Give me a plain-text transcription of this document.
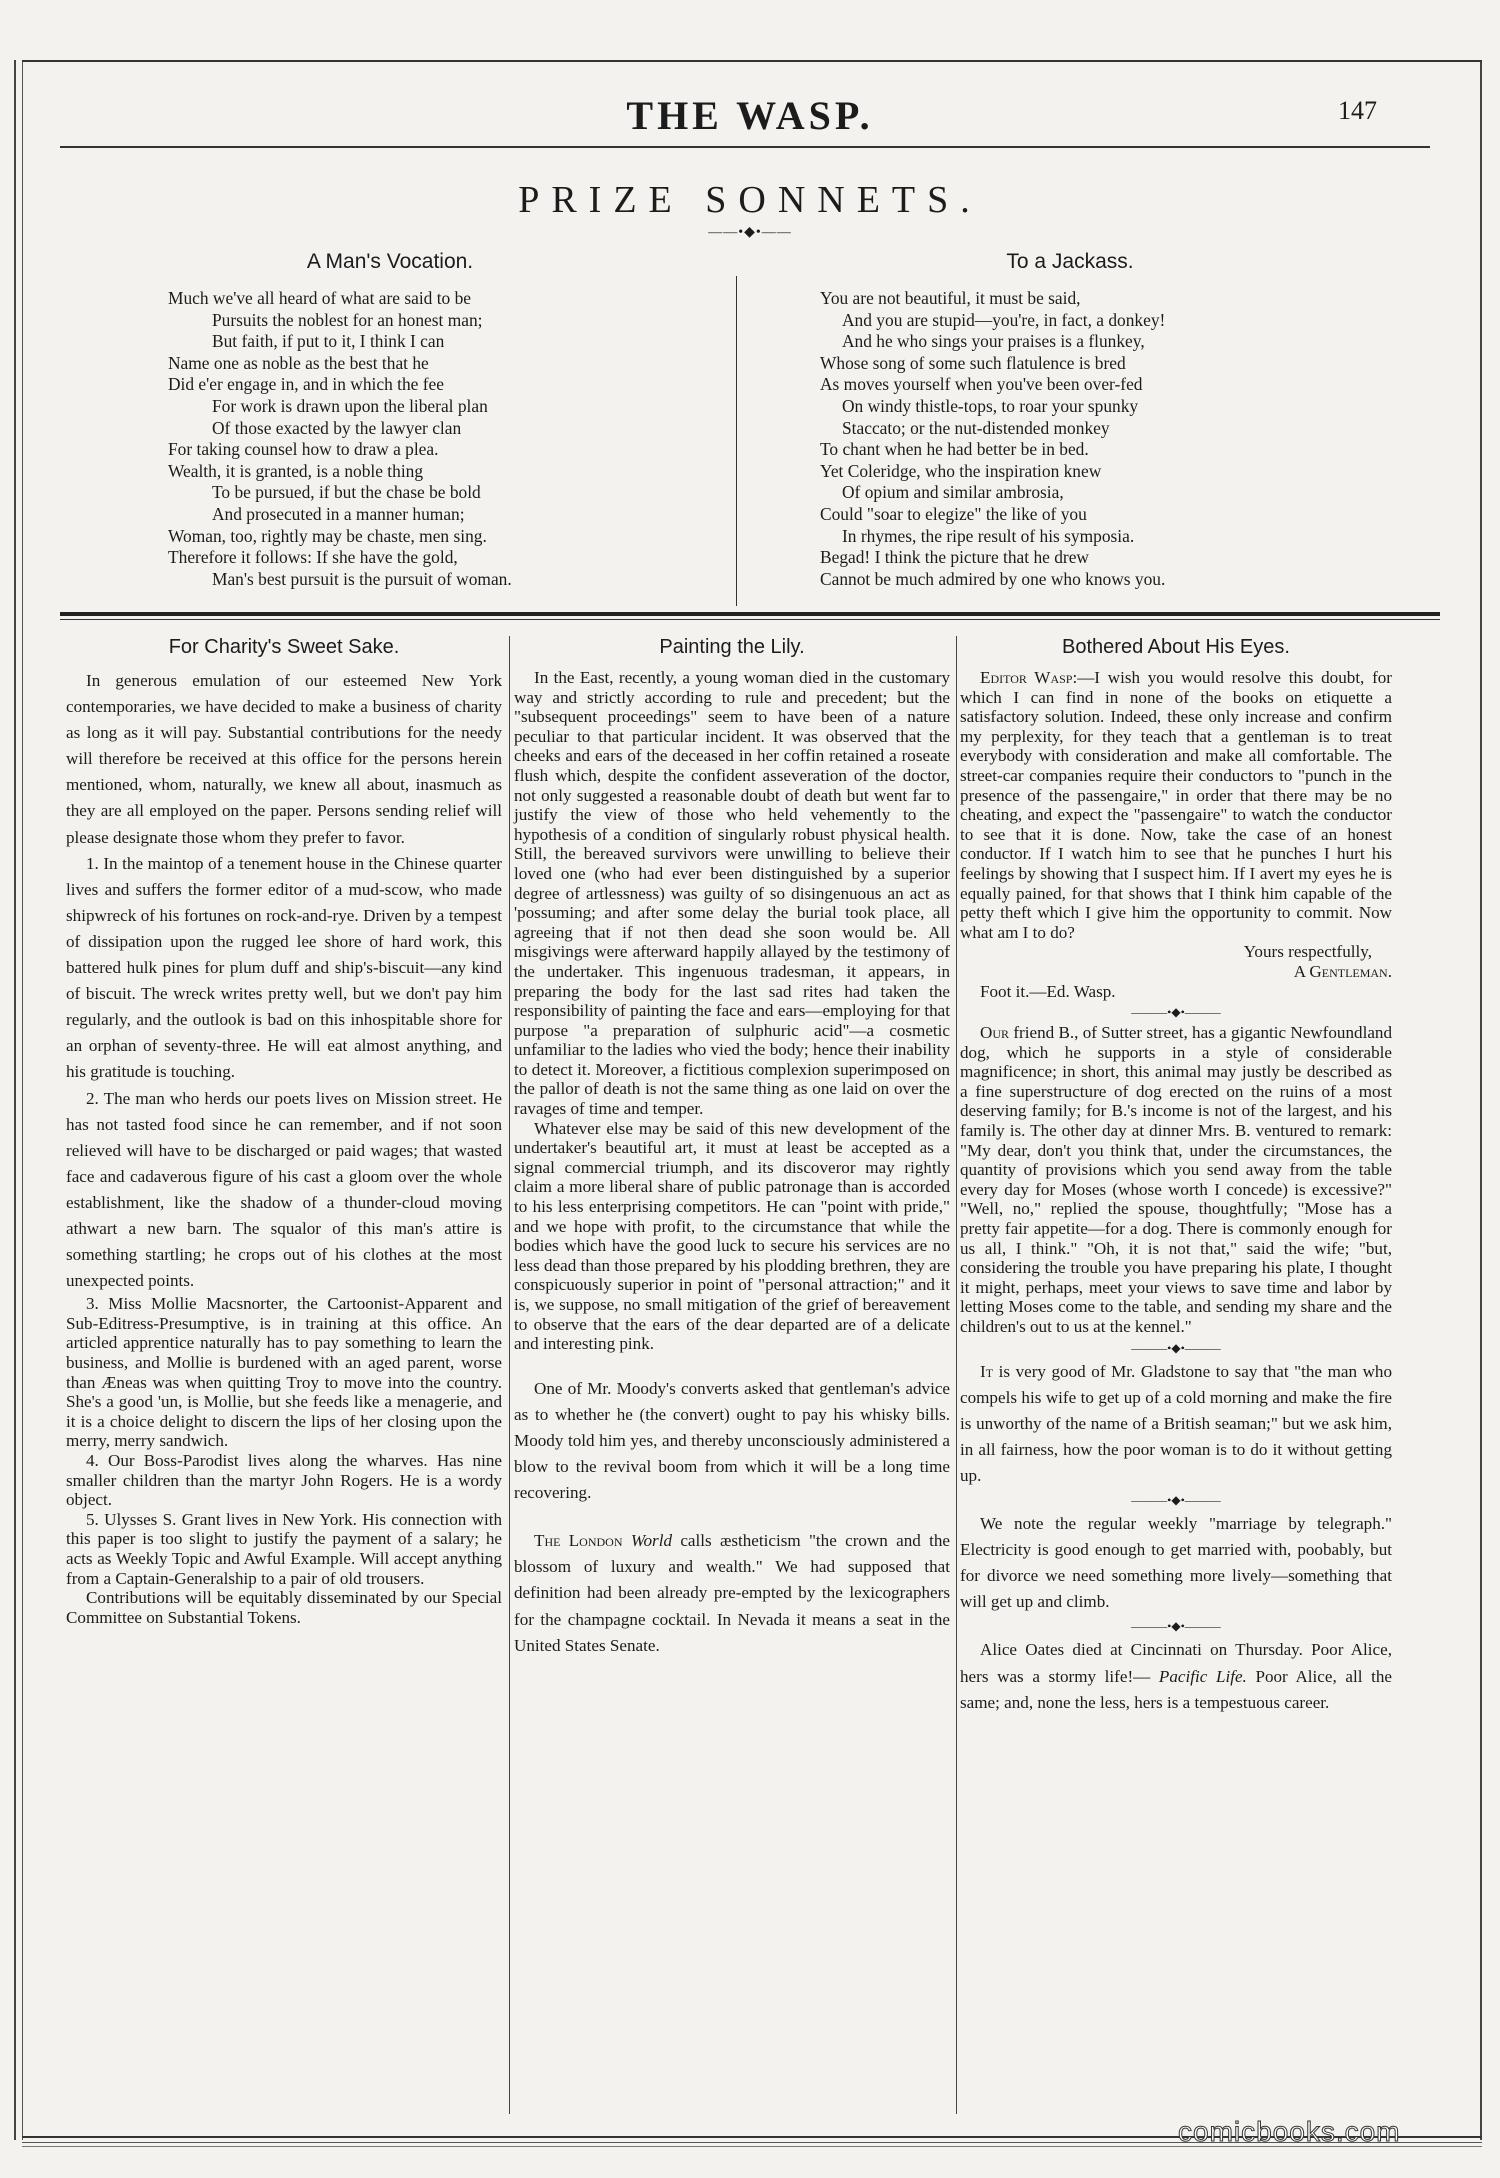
THE WASP.	147
PRIZE SONNETS.
——•◆•——
A Man's Vocation.
Much we've all heard of what are said to be
Pursuits the noblest for an honest man;
But faith, if put to it, I think I can
Name one as noble as the best that he
Did e'er engage in, and in which the fee
For work is drawn upon the liberal plan
Of those exacted by the lawyer clan
For taking counsel how to draw a plea.
Wealth, it is granted, is a noble thing
To be pursued, if but the chase be bold
And prosecuted in a manner human;
Woman, too, rightly may be chaste, men sing.
Therefore it follows: If she have the gold,
Man's best pursuit is the pursuit of woman.
To a Jackass.
You are not beautiful, it must be said,
And you are stupid—you're, in fact, a donkey!
And he who sings your praises is a flunkey,
Whose song of some such flatulence is bred
As moves yourself when you've been over-fed
On windy thistle-tops, to roar your spunky
Staccato; or the nut-distended monkey
To chant when he had better be in bed.
Yet Coleridge, who the inspiration knew
Of opium and similar ambrosia,
Could "soar to elegize" the like of you
In rhymes, the ripe result of his symposia.
Begad! I think the picture that he drew
Cannot be much admired by one who knows you.
For Charity's Sweet Sake.

In generous emulation of our esteemed New York contemporaries, we have decided to make a business of charity as long as it will pay. Substantial contributions for the needy will therefore be received at this office for the persons herein mentioned, whom, naturally, we knew all about, inasmuch as they are all employed on the paper. Persons sending relief will please designate those whom they prefer to favor.

1. In the maintop of a tenement house in the Chinese quarter lives and suffers the former editor of a mud-scow, who made shipwreck of his fortunes on rock-and-rye. Driven by a tempest of dissipation upon the rugged lee shore of hard work, this battered hulk pines for plum duff and ship's-biscuit—any kind of biscuit. The wreck writes pretty well, but we don't pay him regularly, and the outlook is bad on this inhospitable shore for an orphan of seventy-three. He will eat almost anything, and his gratitude is touching.

2. The man who herds our poets lives on Mission street. He has not tasted food since he can remember, and if not soon relieved will have to be discharged or paid wages; that wasted face and cadaverous figure of his cast a gloom over the whole establishment, like the shadow of a thunder-cloud moving athwart a new barn. The squalor of this man's attire is something startling; he crops out of his clothes at the most unexpected points.

3. Miss Mollie Macsnorter, the Cartoonist-Apparent and Sub-Editress-Presumptive, is in training at this office. An articled apprentice naturally has to pay something to learn the business, and Mollie is burdened with an aged parent, worse than Æneas was when quitting Troy to move into the country. She's a good 'un, is Mollie, but she feeds like a menagerie, and it is a choice delight to discern the lips of her closing upon the merry, merry sandwich.

4. Our Boss-Parodist lives along the wharves. Has nine smaller children than the martyr John Rogers. He is a wordy object.

5. Ulysses S. Grant lives in New York. His connection with this paper is too slight to justify the payment of a salary; he acts as Weekly Topic and Awful Example. Will accept anything from a Captain-Generalship to a pair of old trousers.

Contributions will be equitably disseminated by our Special Committee on Substantial Tokens.

Painting the Lily.

In the East, recently, a young woman died in the customary way and strictly according to rule and precedent; but the "subsequent proceedings" seem to have been of a nature peculiar to that particular incident. It was observed that the cheeks and ears of the deceased in her coffin retained a roseate flush which, despite the confident asseveration of the doctor, not only suggested a reasonable doubt of death but went far to justify the view of those who held vehemently to the hypothesis of a condition of singularly robust physical health. Still, the bereaved survivors were unwilling to believe their loved one (who had ever been distinguished by a superior degree of artlessness) was guilty of so disingenuous an act as 'possuming; and after some delay the burial took place, all agreeing that if not then dead she soon would be. All misgivings were afterward happily allayed by the testimony of the undertaker. This ingenuous tradesman, it appears, in preparing the body for the last sad rites had taken the responsibility of painting the face and ears—employing for that purpose "a preparation of sulphuric acid"—a cosmetic unfamiliar to the ladies who vied the body; hence their inability to detect it. Moreover, a fictitious complexion superimposed on the pallor of death is not the same thing as one laid on over the ravages of time and temper.

Whatever else may be said of this new development of the undertaker's beautiful art, it must at least be accepted as a signal commercial triumph, and its discoveror may rightly claim a more liberal share of public patronage than is accorded to his less enterprising competitors. He can "point with pride," and we hope with profit, to the circumstance that while the bodies which have the good luck to secure his services are no less dead than those prepared by his plodding brethren, they are conspicuously superior in point of "personal attraction;" and it is, we suppose, no small mitigation of the grief of bereavement to observe that the ears of the dear departed are of a delicate and interesting pink.

One of Mr. Moody's converts asked that gentleman's advice as to whether he (the convert) ought to pay his whisky bills. Moody told him yes, and thereby unconsciously administered a blow to the revival boom from which it will be a long time recovering.

The London World calls æstheticism "the crown and the blossom of luxury and wealth." We had supposed that definition had been already pre-empted by the lexicographers for the champagne cocktail. In Nevada it means a seat in the United States Senate.

Bothered About His Eyes.

Editor Wasp:—I wish you would resolve this doubt, for which I can find in none of the books on etiquette a satisfactory solution. Indeed, these only increase and confirm my perplexity, for they teach that a gentleman is to treat everybody with consideration and make all comfortable. The street-car companies require their conductors to "punch in the presence of the passengaire," in order that there may be no cheating, and expect the "passengaire" to watch the conductor to see that it is done. Now, take the case of an honest conductor. If I watch him to see that he punches I hurt his feelings by showing that I suspect him. If I avert my eyes he is equally pained, for that shows that I think him capable of the petty theft which I give him the opportunity to commit. Now what am I to do?

Yours respectfully,

A Gentleman.

Foot it.—Ed. Wasp.

———•◆•———

Our friend B., of Sutter street, has a gigantic Newfoundland dog, which he supports in a style of considerable magnificence; in short, this animal may justly be described as a fine superstructure of dog erected on the ruins of a most deserving family; for B.'s income is not of the largest, and his family is. The other day at dinner Mrs. B. ventured to remark: "My dear, don't you think that, under the circumstances, the quantity of provisions which you send away from the table every day for Moses (whose worth I concede) is excessive?" "Well, no," replied the spouse, thoughtfully; "Mose has a pretty fair appetite—for a dog. There is commonly enough for us all, I think." "Oh, it is not that," said the wife; "but, considering the trouble you have preparing his plate, I thought it might, perhaps, meet your views to save time and labor by letting Moses come to the table, and sending my share and the children's out to us at the kennel."

———•◆•———

It is very good of Mr. Gladstone to say that "the man who compels his wife to get up of a cold morning and make the fire is unworthy of the name of a British seaman;" but we ask him, in all fairness, how the poor woman is to do it without getting up.

———•◆•———

We note the regular weekly "marriage by telegraph." Electricity is good enough to get married with, poobably, but for divorce we need something more lively—something that will get up and climb.

———•◆•———

Alice Oates died at Cincinnati on Thursday. Poor Alice, hers was a stormy life!— Pacific Life. Poor Alice, all the same; and, none the less, hers is a tempestuous career.

comicbooks.com
